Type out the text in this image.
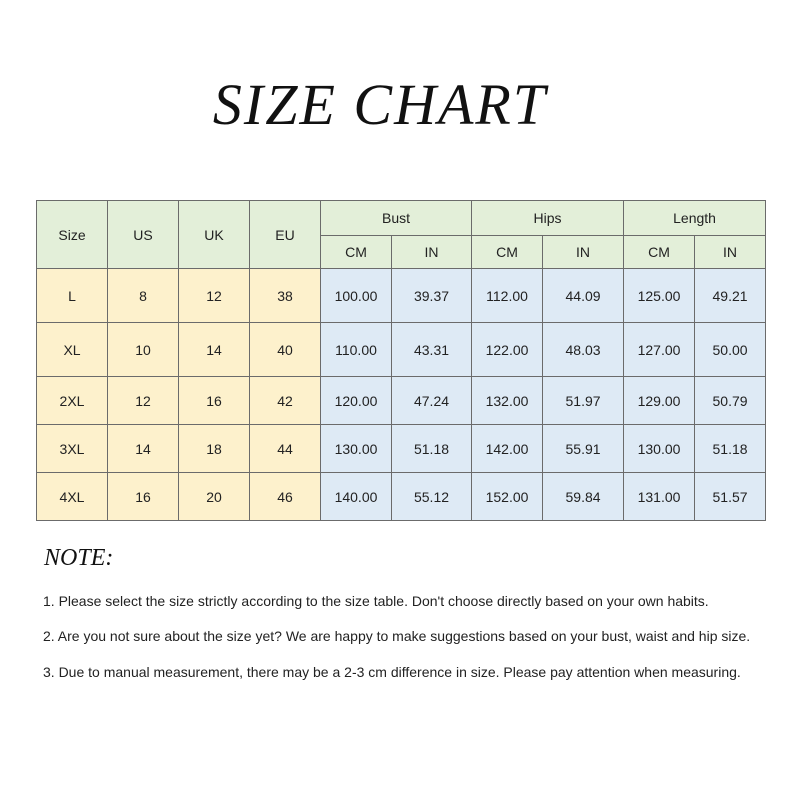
SIZE CHART
Size	US	UK	EU	Bust		Hips		Length	
				CM	IN	CM	IN	CM	IN
L	8	12	38	100.00	39.37	112.00	44.09	125.00	49.21
XL	10	14	40	110.00	43.31	122.00	48.03	127.00	50.00
2XL	12	16	42	120.00	47.24	132.00	51.97	129.00	50.79
3XL	14	18	44	130.00	51.18	142.00	55.91	130.00	51.18
4XL	16	20	46	140.00	55.12	152.00	59.84	131.00	51.57
NOTE:
1. Please select the size strictly according to the size table. Don't choose directly based on your own habits.
2. Are you not sure about the size yet? We are happy to make suggestions based on your bust, waist and hip size.
3. Due to manual measurement, there may be a 2-3 cm difference in size. Please pay attention when measuring.
